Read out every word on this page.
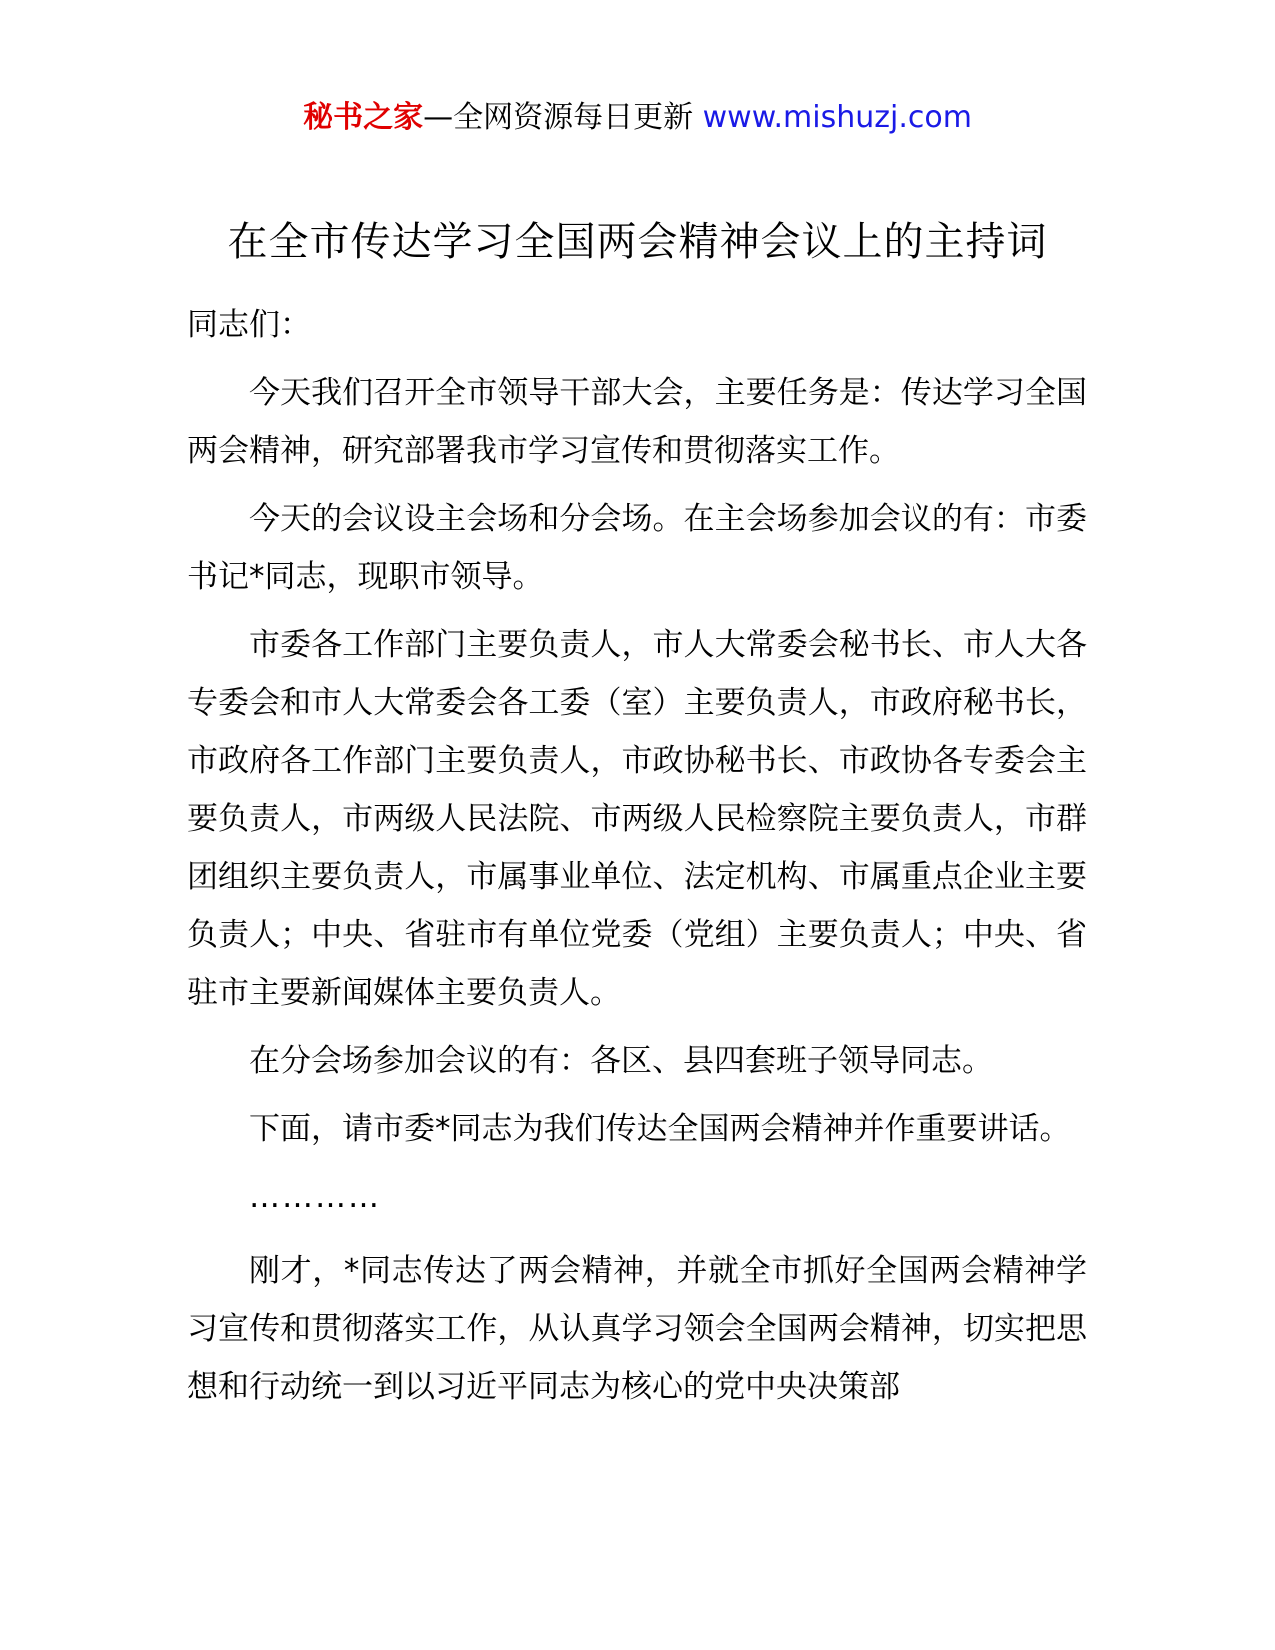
秘书之家—全网资源每日更新 www.mishuzj.com
在全市传达学习全国两会精神会议上的主持词

同志们：

今天我们召开全市领导干部大会，主要任务是：传达学习全国两会精神，研究部署我市学习宣传和贯彻落实工作。

今天的会议设主会场和分会场。在主会场参加会议的有：市委书记*同志，现职市领导。

市委各工作部门主要负责人，市人大常委会秘书长、市人大各专委会和市人大常委会各工委（室）主要负责人，市政府秘书长，市政府各工作部门主要负责人，市政协秘书长、市政协各专委会主要负责人，市两级人民法院、市两级人民检察院主要负责人，市群团组织主要负责人，市属事业单位、法定机构、市属重点企业主要负责人；中央、省驻市有单位党委（党组）主要负责人；中央、省驻市主要新闻媒体主要负责人。

在分会场参加会议的有：各区、县四套班子领导同志。

下面，请市委*同志为我们传达全国两会精神并作重要讲话。

…………

刚才，*同志传达了两会精神，并就全市抓好全国两会精神学习宣传和贯彻落实工作，从认真学习领会全国两会精神，切实把思想和行动统一到以习近平同志为核心的党中央决策部
